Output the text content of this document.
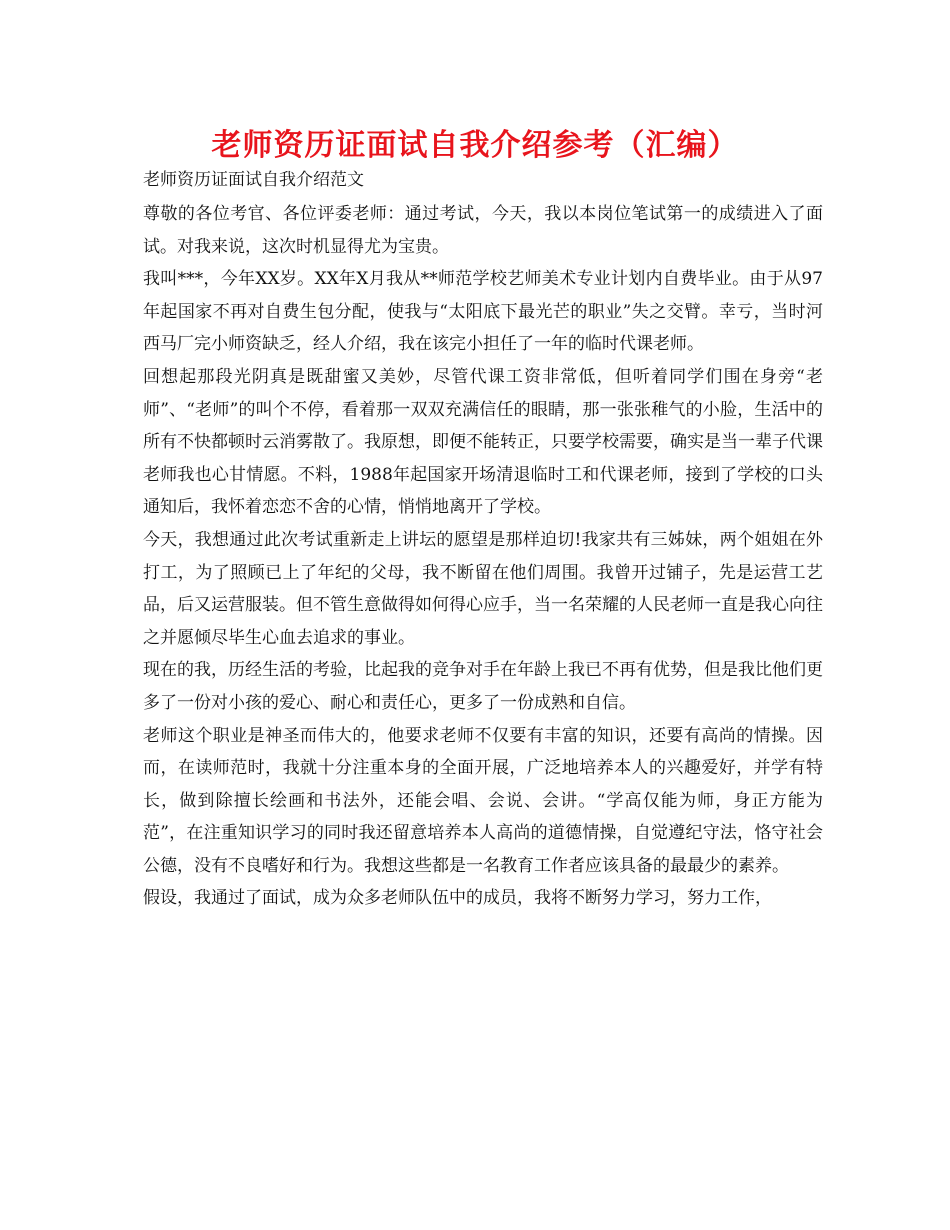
老师资历证面试自我介绍参考（汇编）

老师资历证面试自我介绍范文

尊敬的各位考官、各位评委老师：通过考试，今天，我以本岗位笔试第一的成绩进入了面试。对我来说，这次时机显得尤为宝贵。

我叫***，今年XX岁。XX年X月我从**师范学校艺师美术专业计划内自费毕业。由于从97年起国家不再对自费生包分配，使我与“太阳底下最光芒的职业”失之交臂。幸亏，当时河西马厂完小师资缺乏，经人介绍，我在该完小担任了一年的临时代课老师。

回想起那段光阴真是既甜蜜又美妙，尽管代课工资非常低，但听着同学们围在身旁“老师”、“老师”的叫个不停，看着那一双双充满信任的眼睛，那一张张稚气的小脸，生活中的所有不快都顿时云消雾散了。我原想，即便不能转正，只要学校需要，确实是当一辈子代课老师我也心甘情愿。不料，1988年起国家开场清退临时工和代课老师，接到了学校的口头通知后，我怀着恋恋不舍的心情，悄悄地离开了学校。

今天，我想通过此次考试重新走上讲坛的愿望是那样迫切!我家共有三姊妹，两个姐姐在外打工，为了照顾已上了年纪的父母，我不断留在他们周围。我曾开过铺子，先是运营工艺品，后又运营服装。但不管生意做得如何得心应手，当一名荣耀的人民老师一直是我心向往之并愿倾尽毕生心血去追求的事业。

现在的我，历经生活的考验，比起我的竞争对手在年龄上我已不再有优势，但是我比他们更多了一份对小孩的爱心、耐心和责任心，更多了一份成熟和自信。

老师这个职业是神圣而伟大的，他要求老师不仅要有丰富的知识，还要有高尚的情操。因而，在读师范时，我就十分注重本身的全面开展，广泛地培养本人的兴趣爱好，并学有特长，做到除擅长绘画和书法外，还能会唱、会说、会讲。“学高仅能为师，身正方能为范”，在注重知识学习的同时我还留意培养本人高尚的道德情操，自觉遵纪守法，恪守社会公德，没有不良嗜好和行为。我想这些都是一名教育工作者应该具备的最最少的素养。

假设，我通过了面试，成为众多老师队伍中的成员，我将不断努力学习，努力工作，
